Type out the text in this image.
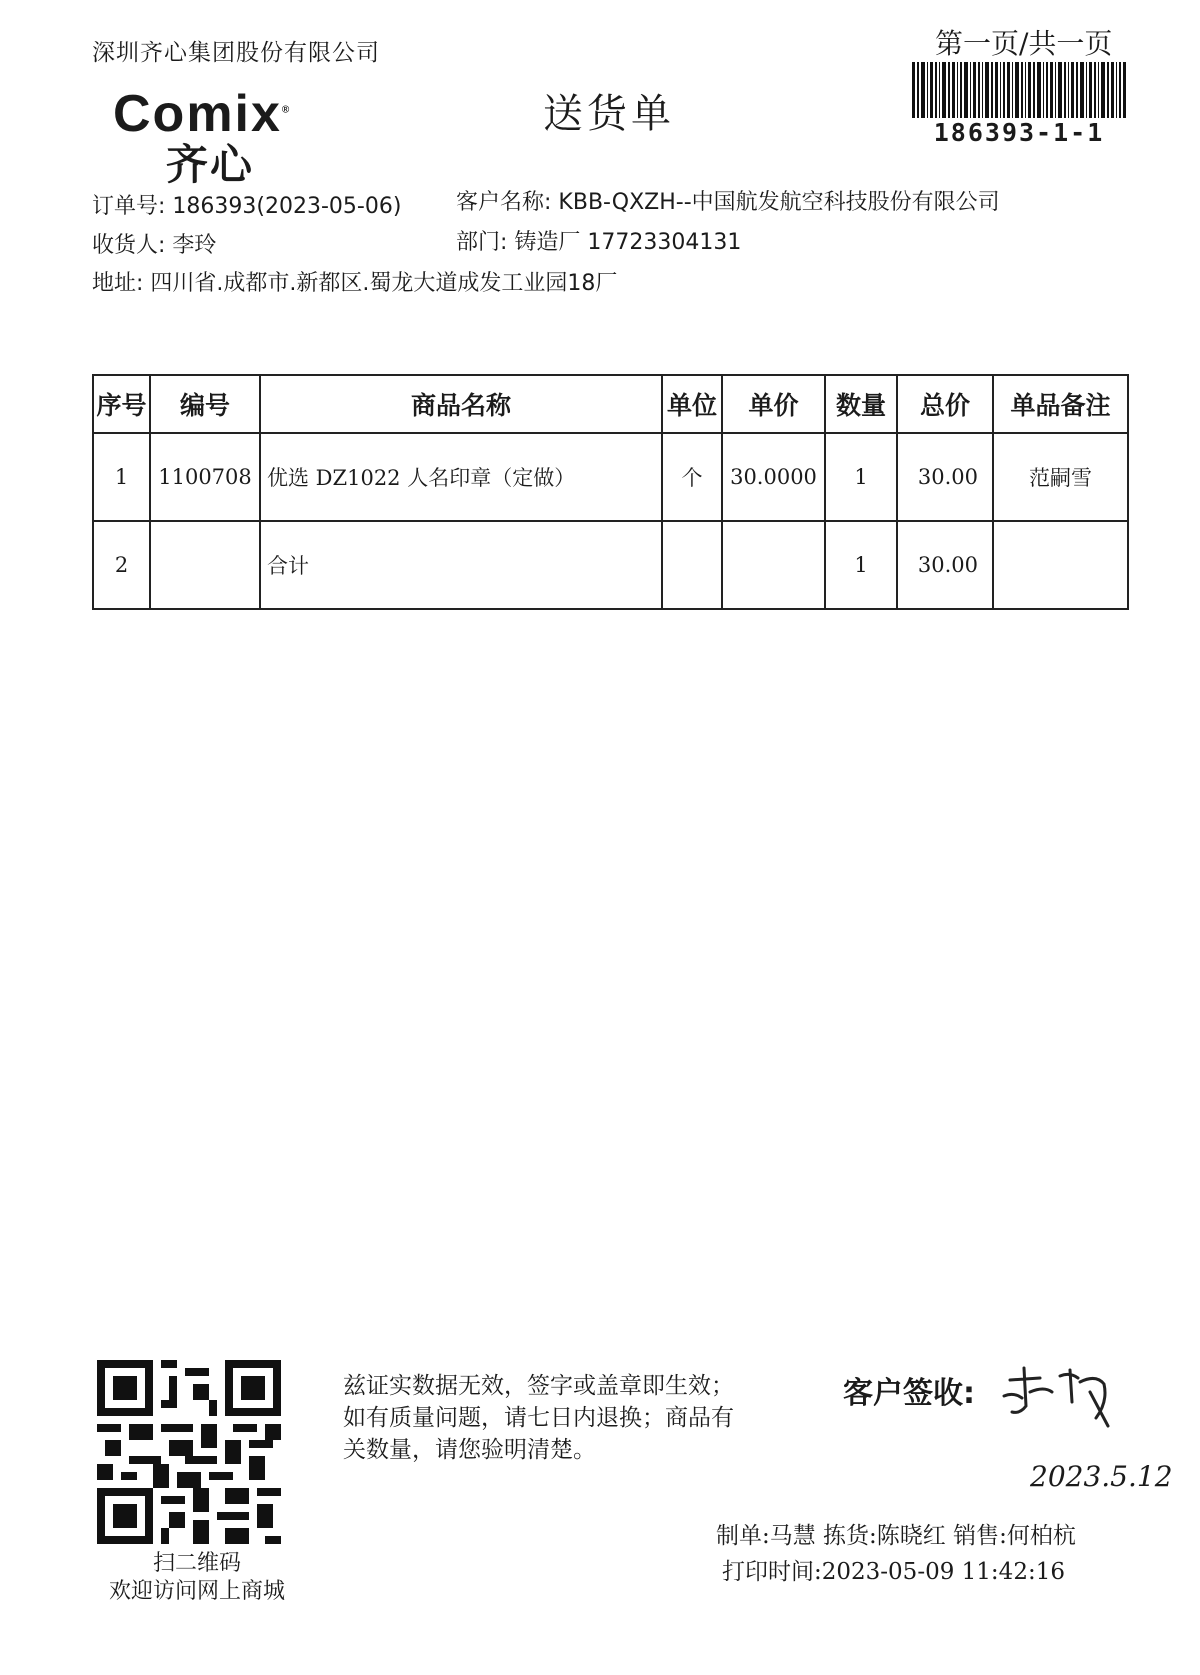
深圳齐心集团股份有限公司	第一页/共一页
186393-1-1
Comix®
齐心
送货单
订单号: 186393(2023-05-06) 客户名称: KBB-QXZH--中国航发航空科技股份有限公司
收货人: 李玲	部门: 铸造厂 17723304131
地址: 四川省.成都市.新都区.蜀龙大道成发工业园18厂
序号	编号	商品名称	单位	单价	数量	总价	单品备注
1	1100708	优选 DZ1022 人名印章（定做）	个	30.0000	1	30.00	范嗣雪
2		合计			1	30.00	
扫二维码
欢迎访问网上商城
兹证实数据无效，签字或盖章即生效；如有质量问题，请七日内退换；商品有关数量，请您验明清楚。
客户签收:
2023.5.12
制单:马慧 拣货:陈晓红 销售:何柏杭
打印时间:2023-05-09 11:42:16
